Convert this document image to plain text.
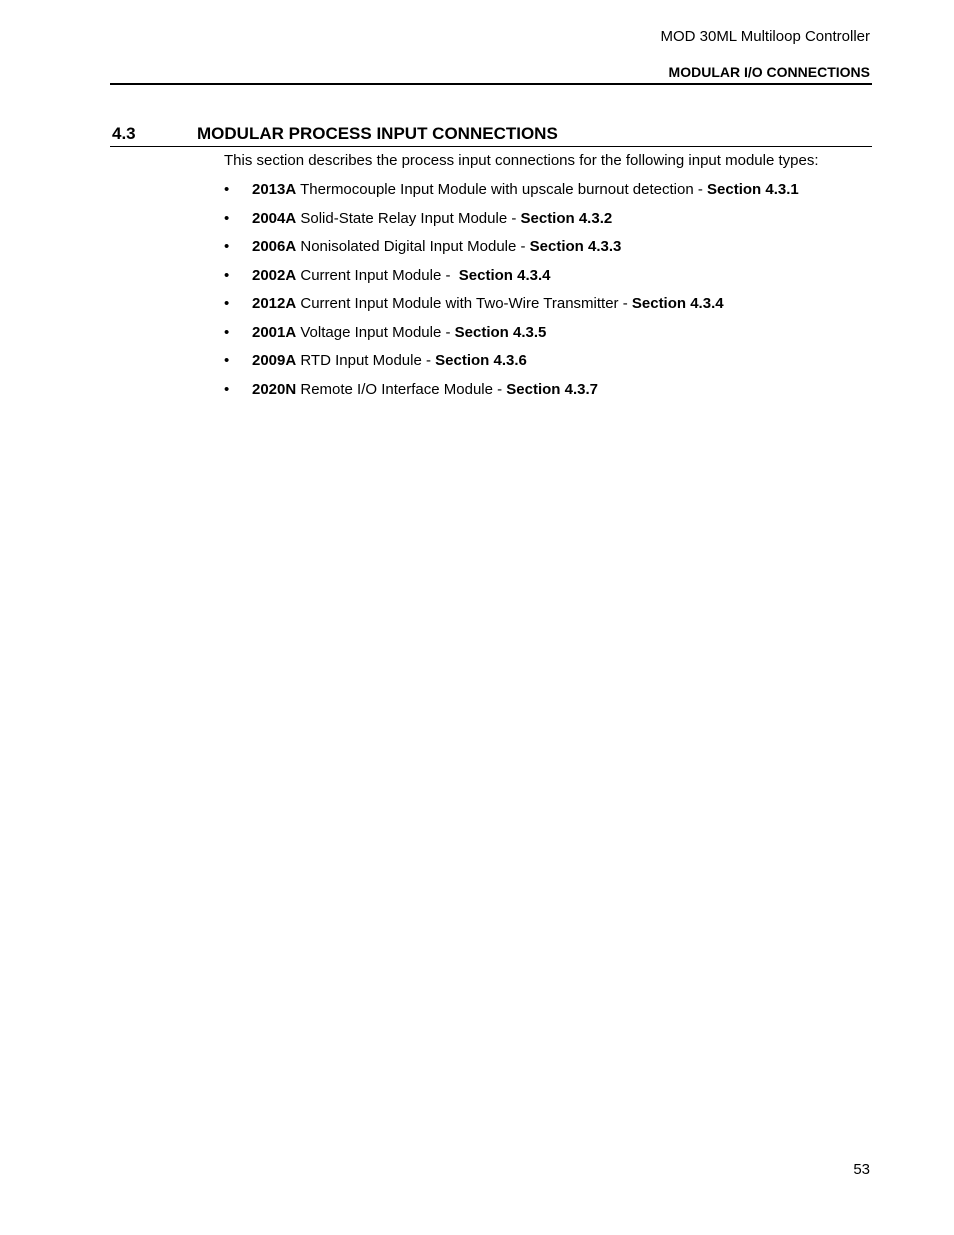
MOD 30ML Multiloop Controller
MODULAR I/O CONNECTIONS
4.3	MODULAR PROCESS INPUT CONNECTIONS
This section describes the process input connections for the following input module types:
• 2013A Thermocouple Input Module with upscale burnout detection - Section 4.3.1
• 2004A Solid-State Relay Input Module - Section 4.3.2
• 2006A Nonisolated Digital Input Module - Section 4.3.3
• 2002A Current Input Module -  Section 4.3.4
• 2012A Current Input Module with Two-Wire Transmitter - Section 4.3.4
• 2001A Voltage Input Module - Section 4.3.5
• 2009A RTD Input Module - Section 4.3.6
• 2020N Remote I/O Interface Module - Section 4.3.7
53
